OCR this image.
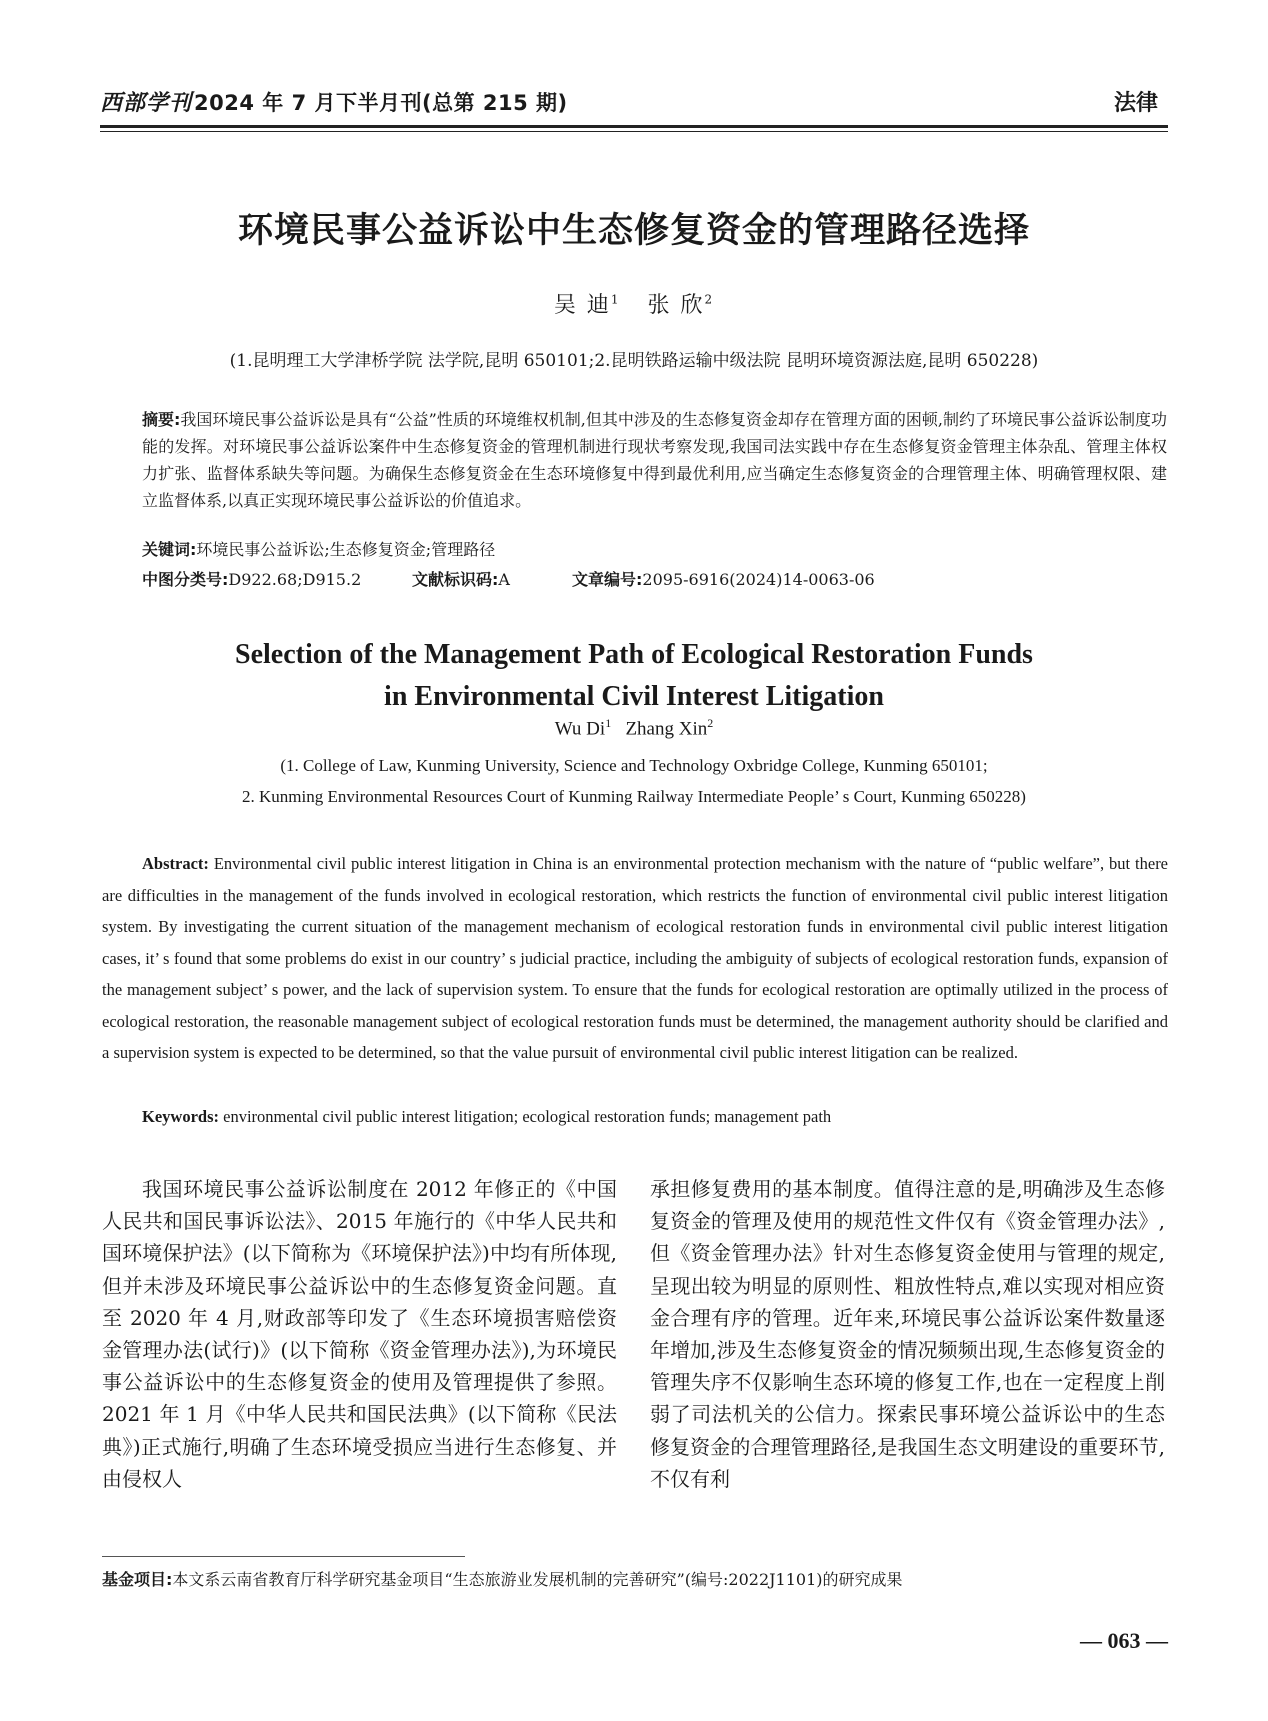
西部学刊2024 年 7 月下半月刊(总第 215 期)	法律
环境民事公益诉讼中生态修复资金的管理路径选择
吴 迪$^1$ 张 欣$^2$
(1.昆明理工大学津桥学院 法学院,昆明 650101;2.昆明铁路运输中级法院 昆明环境资源法庭,昆明 650228)
摘要:我国环境民事公益诉讼是具有“公益”性质的环境维权机制,但其中涉及的生态修复资金却存在管理方面的困顿,制约了环境民事公益诉讼制度功能的发挥。对环境民事公益诉讼案件中生态修复资金的管理机制进行现状考察发现,我国司法实践中存在生态修复资金管理主体杂乱、管理主体权力扩张、监督体系缺失等问题。为确保生态修复资金在生态环境修复中得到最优利用,应当确定生态修复资金的合理管理主体、明确管理权限、建立监督体系,以真正实现环境民事公益诉讼的价值追求。
关键词:环境民事公益诉讼;生态修复资金;管理路径
中图分类号:D922.68;D915.2	文献标识码:A	文章编号:2095-6916(2024)14-0063-06
Selection of the Management Path of Ecological Restoration Funds
in Environmental Civil Interest Litigation
Wu Di$^1$ Zhang Xin$^2$
(1. College of Law, Kunming University, Science and Technology Oxbridge College, Kunming 650101;
2. Kunming Environmental Resources Court of Kunming Railway Intermediate People’ s Court, Kunming 650228)
Abstract: Environmental civil public interest litigation in China is an environmental protection mechanism with the nature of “public welfare”, but there are difficulties in the management of the funds involved in ecological restoration, which restricts the function of environmental civil public interest litigation system. By investigating the current situation of the management mechanism of ecological restoration funds in environmental civil public interest litigation cases, it’ s found that some problems do exist in our country’ s judicial practice, including the ambiguity of subjects of ecological restoration funds, expansion of the management subject’ s power, and the lack of supervision system. To ensure that the funds for ecological restoration are optimally utilized in the process of ecological restoration, the reasonable management subject of ecological restoration funds must be determined, the management authority should be clarified and a supervision system is expected to be determined, so that the value pursuit of environmental civil public interest litigation can be realized.
Keywords: environmental civil public interest litigation; ecological restoration funds; management path
我国环境民事公益诉讼制度在 2012 年修正的《中国人民共和国民事诉讼法》、2015 年施行的《中华人民共和国环境保护法》(以下简称为《环境保护法》)中均有所体现,但并未涉及环境民事公益诉讼中的生态修复资金问题。直至 2020 年 4 月,财政部等印发了《生态环境损害赔偿资金管理办法(试行)》(以下简称《资金管理办法》),为环境民事公益诉讼中的生态修复资金的使用及管理提供了参照。2021 年 1 月《中华人民共和国民法典》(以下简称《民法典》)正式施行,明确了生态环境受损应当进行生态修复、并由侵权人
承担修复费用的基本制度。值得注意的是,明确涉及生态修复资金的管理及使用的规范性文件仅有《资金管理办法》,但《资金管理办法》针对生态修复资金使用与管理的规定,呈现出较为明显的原则性、粗放性特点,难以实现对相应资金合理有序的管理。近年来,环境民事公益诉讼案件数量逐年增加,涉及生态修复资金的情况频频出现,生态修复资金的管理失序不仅影响生态环境的修复工作,也在一定程度上削弱了司法机关的公信力。探索民事环境公益诉讼中的生态修复资金的合理管理路径,是我国生态文明建设的重要环节,不仅有利
基金项目:本文系云南省教育厅科学研究基金项目“生态旅游业发展机制的完善研究”(编号:2022J1101)的研究成果
— 063 —
